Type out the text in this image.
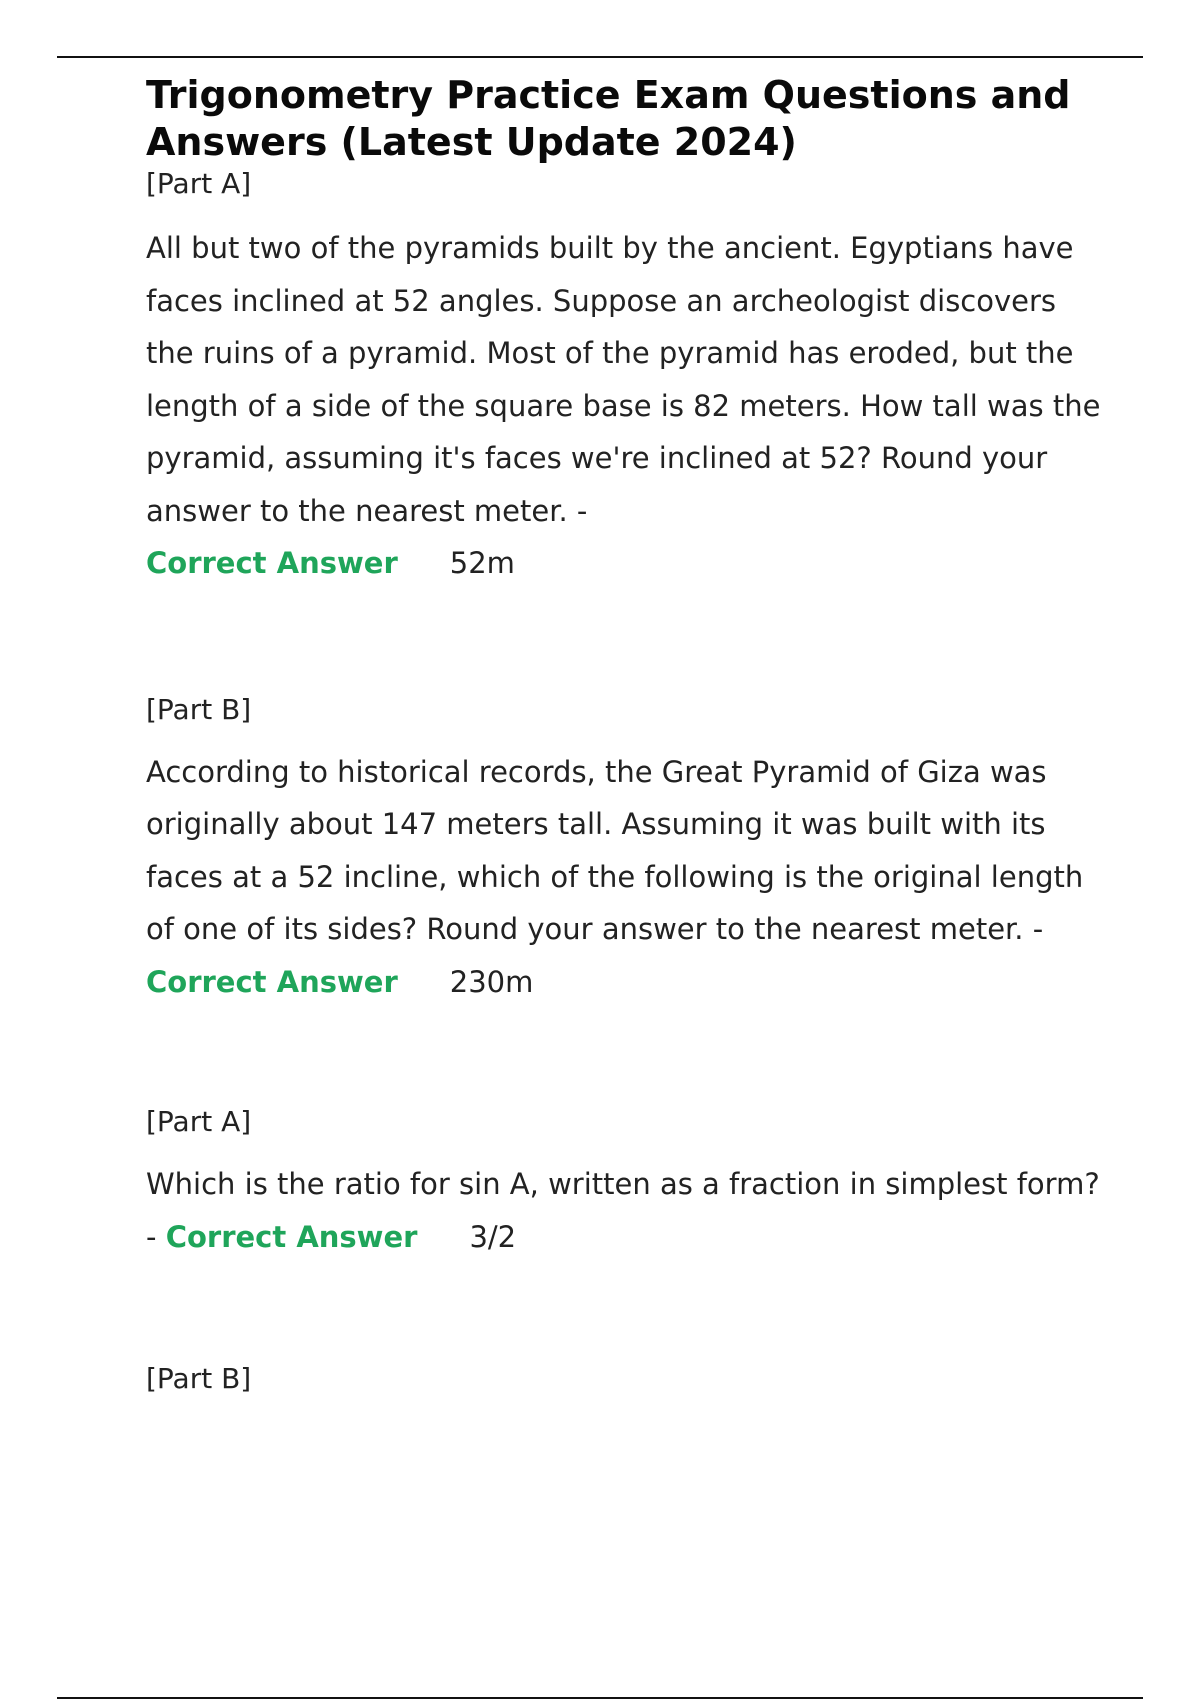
Trigonometry Practice Exam Questions and Answers (Latest Update 2024)
[Part A]

All but two of the pyramids built by the ancient. Egyptians have faces inclined at 52 angles. Suppose an archeologist discovers the ruins of a pyramid. Most of the pyramid has eroded, but the length of a side of the square base is 82 meters. How tall was the pyramid, assuming it's faces we're inclined at 52? Round your answer to the nearest meter. -
Correct Answer 52m

[Part B]

According to historical records, the Great Pyramid of Giza was originally about 147 meters tall. Assuming it was built with its faces at a 52 incline, which of the following is the original length of one of its sides? Round your answer to the nearest meter. - Correct Answer 230m

[Part A]

Which is the ratio for sin A, written as a fraction in simplest form? - Correct Answer 3/2

[Part B]
